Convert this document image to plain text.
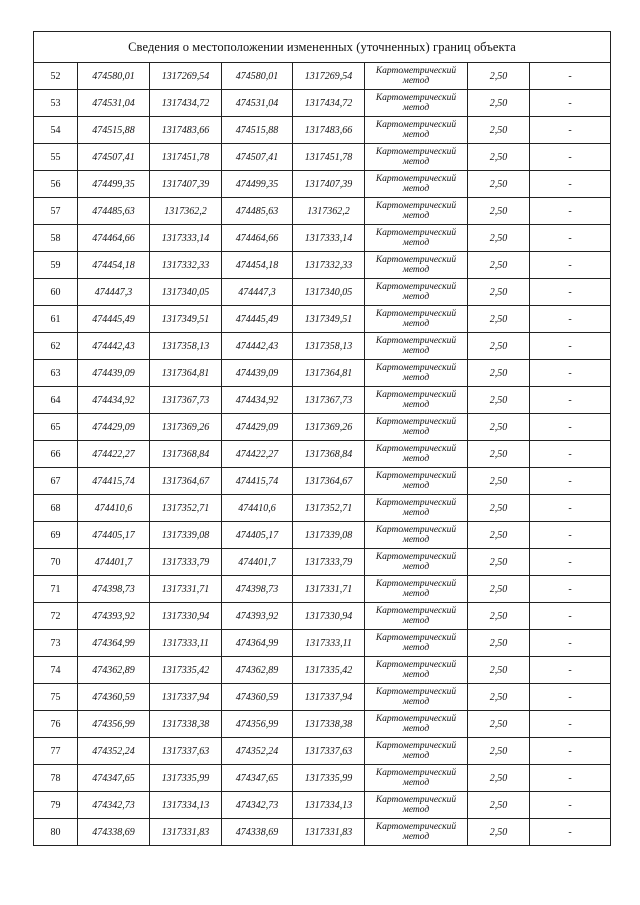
Сведения о местоположении измененных (уточненных) границ объекта							
52	474580,01	1317269,54	474580,01	1317269,54	Картометрический метод	2,50	-
53	474531,04	1317434,72	474531,04	1317434,72	Картометрический метод	2,50	-
54	474515,88	1317483,66	474515,88	1317483,66	Картометрический метод	2,50	-
55	474507,41	1317451,78	474507,41	1317451,78	Картометрический метод	2,50	-
56	474499,35	1317407,39	474499,35	1317407,39	Картометрический метод	2,50	-
57	474485,63	1317362,2	474485,63	1317362,2	Картометрический метод	2,50	-
58	474464,66	1317333,14	474464,66	1317333,14	Картометрический метод	2,50	-
59	474454,18	1317332,33	474454,18	1317332,33	Картометрический метод	2,50	-
60	474447,3	1317340,05	474447,3	1317340,05	Картометрический метод	2,50	-
61	474445,49	1317349,51	474445,49	1317349,51	Картометрический метод	2,50	-
62	474442,43	1317358,13	474442,43	1317358,13	Картометрический метод	2,50	-
63	474439,09	1317364,81	474439,09	1317364,81	Картометрический метод	2,50	-
64	474434,92	1317367,73	474434,92	1317367,73	Картометрический метод	2,50	-
65	474429,09	1317369,26	474429,09	1317369,26	Картометрический метод	2,50	-
66	474422,27	1317368,84	474422,27	1317368,84	Картометрический метод	2,50	-
67	474415,74	1317364,67	474415,74	1317364,67	Картометрический метод	2,50	-
68	474410,6	1317352,71	474410,6	1317352,71	Картометрический метод	2,50	-
69	474405,17	1317339,08	474405,17	1317339,08	Картометрический метод	2,50	-
70	474401,7	1317333,79	474401,7	1317333,79	Картометрический метод	2,50	-
71	474398,73	1317331,71	474398,73	1317331,71	Картометрический метод	2,50	-
72	474393,92	1317330,94	474393,92	1317330,94	Картометрический метод	2,50	-
73	474364,99	1317333,11	474364,99	1317333,11	Картометрический метод	2,50	-
74	474362,89	1317335,42	474362,89	1317335,42	Картометрический метод	2,50	-
75	474360,59	1317337,94	474360,59	1317337,94	Картометрический метод	2,50	-
76	474356,99	1317338,38	474356,99	1317338,38	Картометрический метод	2,50	-
77	474352,24	1317337,63	474352,24	1317337,63	Картометрический метод	2,50	-
78	474347,65	1317335,99	474347,65	1317335,99	Картометрический метод	2,50	-
79	474342,73	1317334,13	474342,73	1317334,13	Картометрический метод	2,50	-
80	474338,69	1317331,83	474338,69	1317331,83	Картометрический метод	2,50	-
